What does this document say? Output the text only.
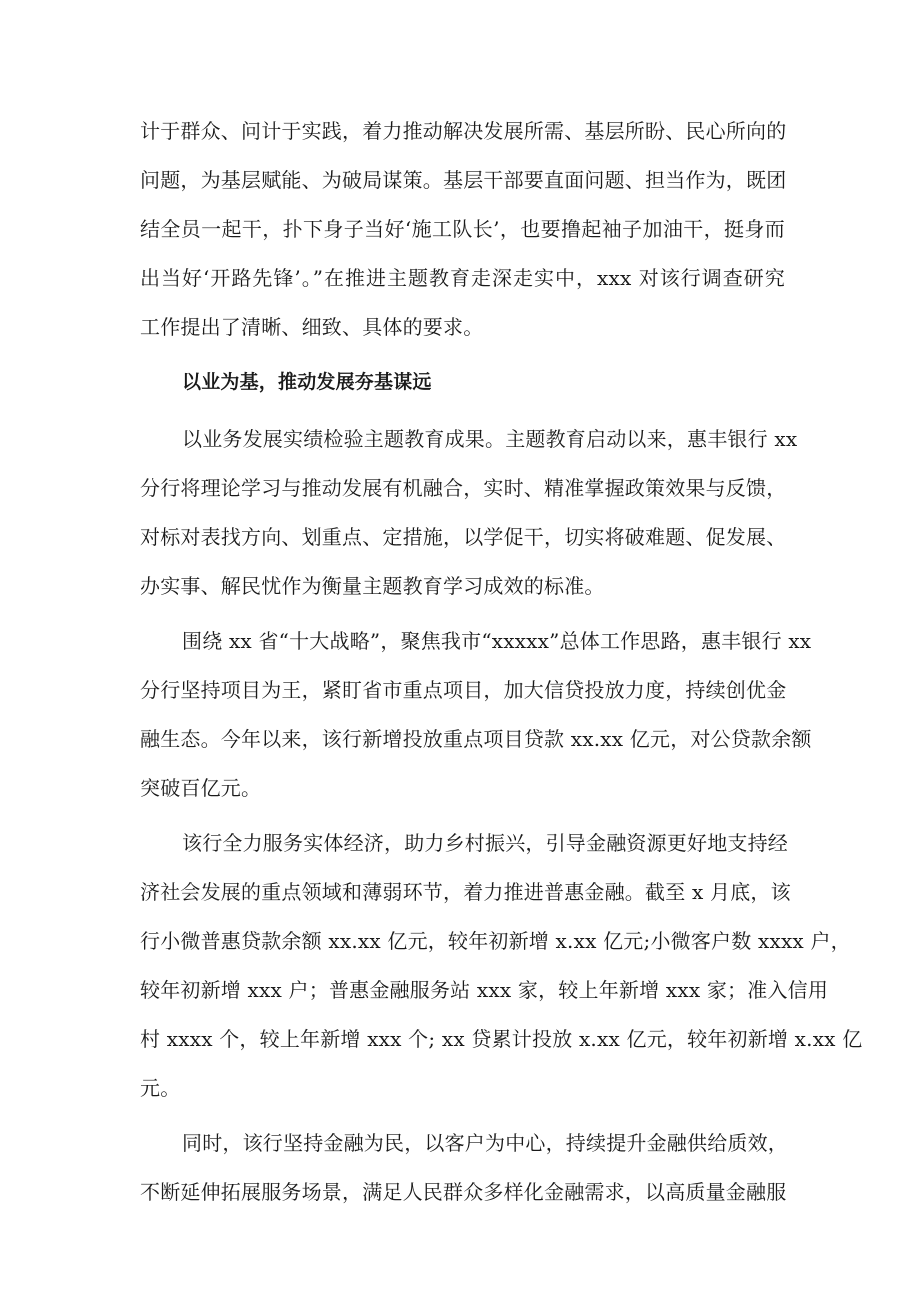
计于群众、问计于实践，着力推动解决发展所需、基层所盼、民心所向的
问题，为基层赋能、为破局谋策。基层干部要直面问题、担当作为，既团
结全员一起干，扑下身子当好‘施工队长’，也要撸起袖子加油干，挺身而
出当好‘开路先锋’。”在推进主题教育走深走实中，xxx 对该行调查研究
工作提出了清晰、细致、具体的要求。
以业为基，推动发展夯基谋远
以业务发展实绩检验主题教育成果。主题教育启动以来，惠丰银行 xx
分行将理论学习与推动发展有机融合，实时、精准掌握政策效果与反馈，
对标对表找方向、划重点、定措施，以学促干，切实将破难题、促发展、
办实事、解民忧作为衡量主题教育学习成效的标准。
围绕 xx 省“十大战略”，聚焦我市“xxxxx”总体工作思路，惠丰银行 xx
分行坚持项目为王，紧盯省市重点项目，加大信贷投放力度，持续创优金
融生态。今年以来，该行新增投放重点项目贷款 xx.xx 亿元，对公贷款余额
突破百亿元。
该行全力服务实体经济，助力乡村振兴，引导金融资源更好地支持经
济社会发展的重点领域和薄弱环节，着力推进普惠金融。截至 x 月底，该
行小微普惠贷款余额 xx.xx 亿元，较年初新增 x.xx 亿元;小微客户数 xxxx 户，
较年初新增 xxx 户；普惠金融服务站 xxx 家，较上年新增 xxx 家；准入信用
村 xxxx 个，较上年新增 xxx 个; xx 贷累计投放 x.xx 亿元，较年初新增 x.xx 亿
元。
同时，该行坚持金融为民，以客户为中心，持续提升金融供给质效，
不断延伸拓展服务场景，满足人民群众多样化金融需求，以高质量金融服
